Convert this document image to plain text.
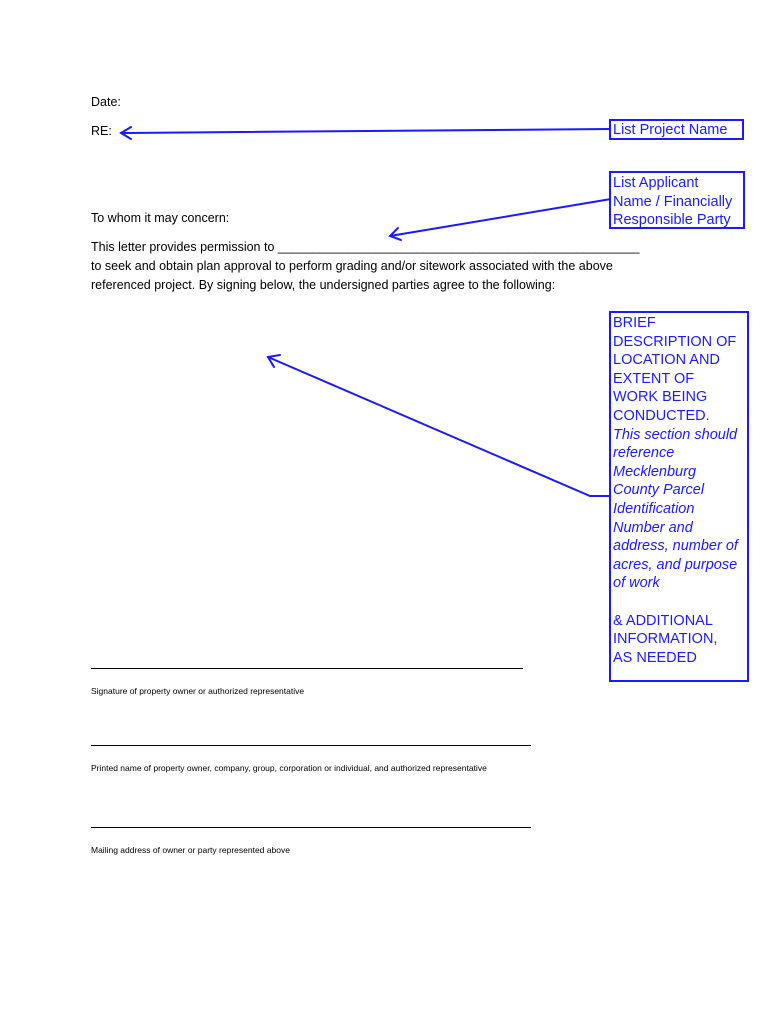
Date:
RE:
To whom it may concern:
This letter provides permission to ____________________________________________________
to seek and obtain plan approval to perform grading and/or sitework associated with the above
referenced project. By signing below, the undersigned parties agree to the following:
Signature of property owner or authorized representative
Printed name of property owner, company, group, corporation or individual, and authorized representative
Mailing address of owner or party represented above
List Project Name
List Applicant
Name / Financially
Responsible Party
BRIEF
DESCRIPTION OF
LOCATION AND
EXTENT OF
WORK BEING
CONDUCTED.
This section should
reference
Mecklenburg
County Parcel
Identification
Number and
address, number of
acres, and purpose
of work
& ADDITIONAL
INFORMATION,
AS NEEDED
